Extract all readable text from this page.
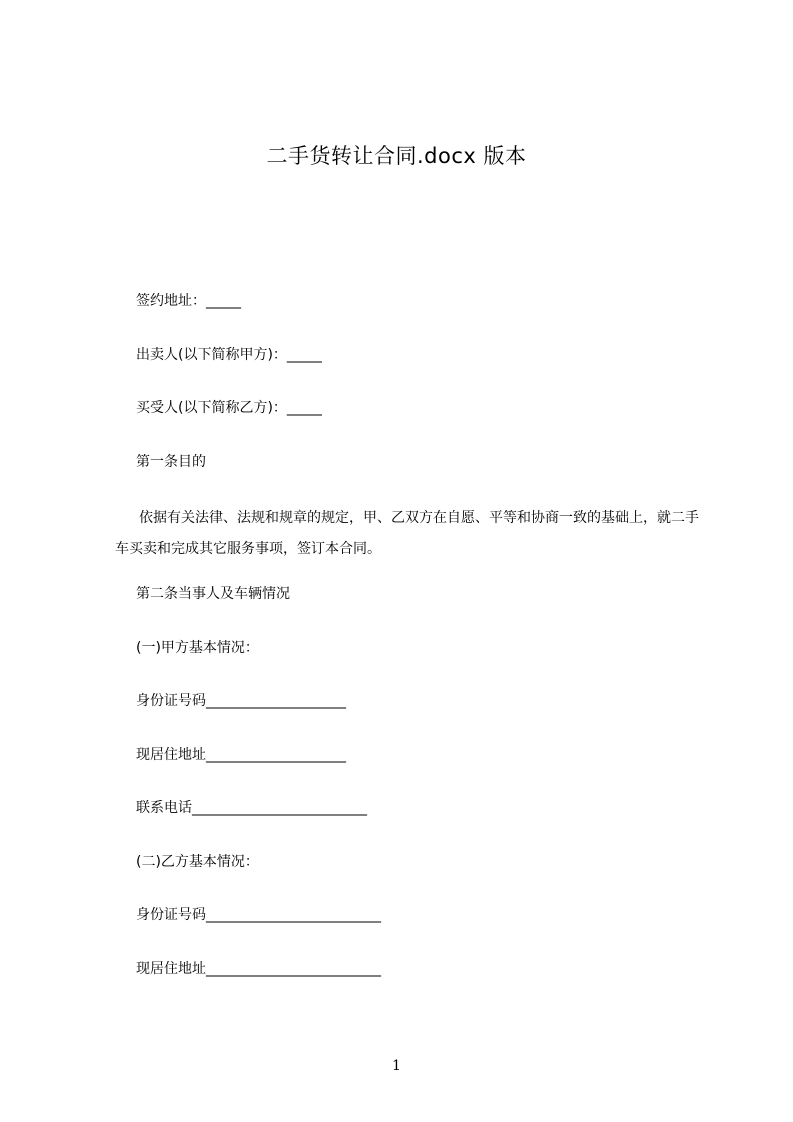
二手货转让合同.docx 版本
签约地址：_____
出卖人(以下简称甲方)：_____
买受人(以下简称乙方)：_____
第一条目的
依据有关法律、法规和规章的规定，甲、乙双方在自愿、平等和协商一致的基础上，就二手车买卖和完成其它服务事项，签订本合同。
第二条当事人及车辆情况
(一)甲方基本情况：
身份证号码____________________
现居住地址____________________
联系电话_________________________
(二)乙方基本情况：
身份证号码_________________________
现居住地址_________________________
1
